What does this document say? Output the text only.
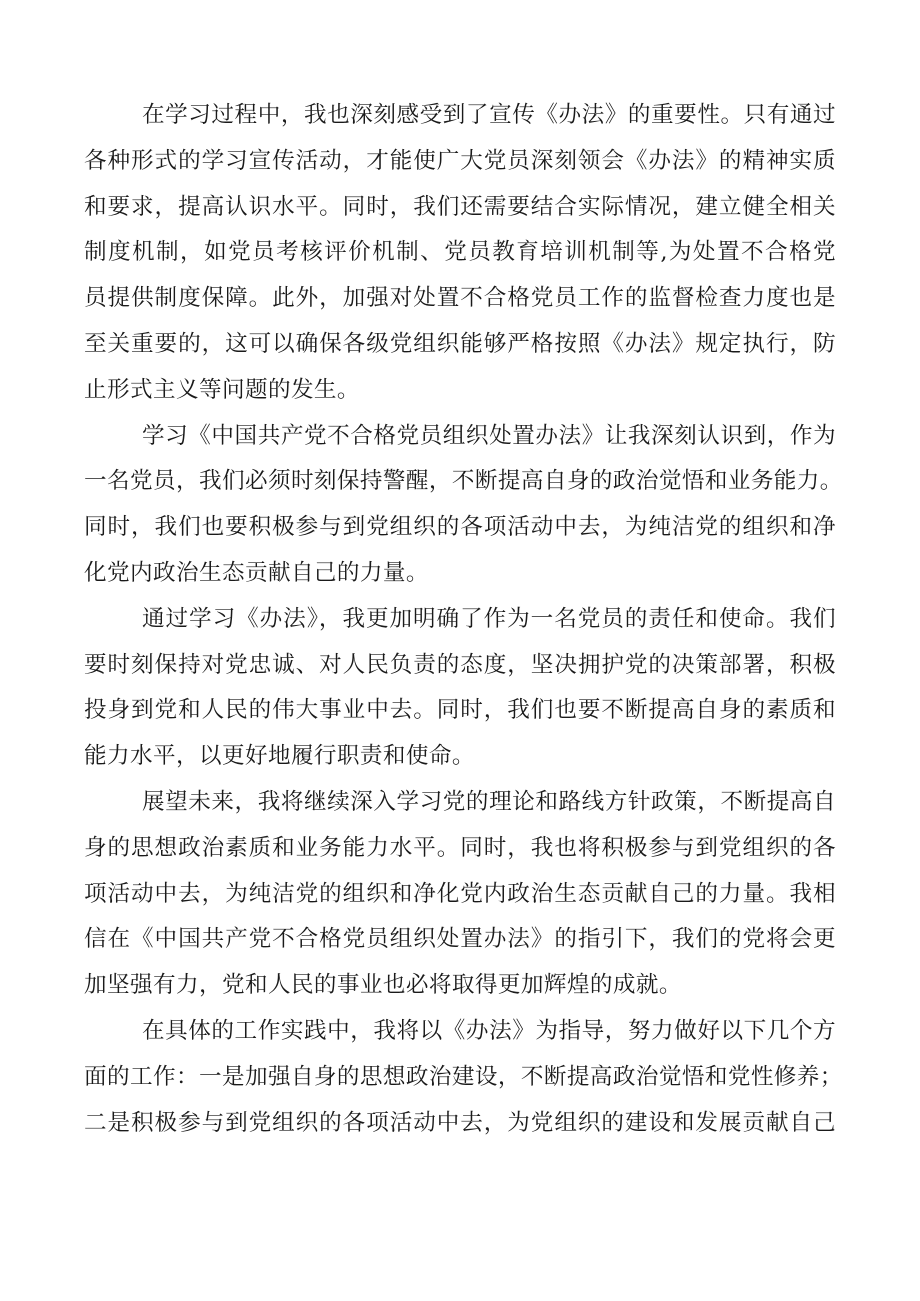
在学习过程中，我也深刻感受到了宣传《办法》的重要性。只有通过
各种形式的学习宣传活动，才能使广大党员深刻领会《办法》的精神实质
和要求，提高认识水平。同时，我们还需要结合实际情况，建立健全相关
制度机制，如党员考核评价机制、党员教育培训机制等,为处置不合格党
员提供制度保障。此外，加强对处置不合格党员工作的监督检查力度也是
至关重要的，这可以确保各级党组织能够严格按照《办法》规定执行，防
止形式主义等问题的发生。
学习《中国共产党不合格党员组织处置办法》让我深刻认识到，作为
一名党员，我们必须时刻保持警醒，不断提高自身的政治觉悟和业务能力。
同时，我们也要积极参与到党组织的各项活动中去，为纯洁党的组织和净
化党内政治生态贡献自己的力量。
通过学习《办法》，我更加明确了作为一名党员的责任和使命。我们
要时刻保持对党忠诚、对人民负责的态度，坚决拥护党的决策部署，积极
投身到党和人民的伟大事业中去。同时，我们也要不断提高自身的素质和
能力水平，以更好地履行职责和使命。
展望未来，我将继续深入学习党的理论和路线方针政策，不断提高自
身的思想政治素质和业务能力水平。同时，我也将积极参与到党组织的各
项活动中去，为纯洁党的组织和净化党内政治生态贡献自己的力量。我相
信在《中国共产党不合格党员组织处置办法》的指引下，我们的党将会更
加坚强有力，党和人民的事业也必将取得更加辉煌的成就。
在具体的工作实践中，我将以《办法》为指导，努力做好以下几个方
面的工作：一是加强自身的思想政治建设，不断提高政治觉悟和党性修养；
二是积极参与到党组织的各项活动中去，为党组织的建设和发展贡献自己
